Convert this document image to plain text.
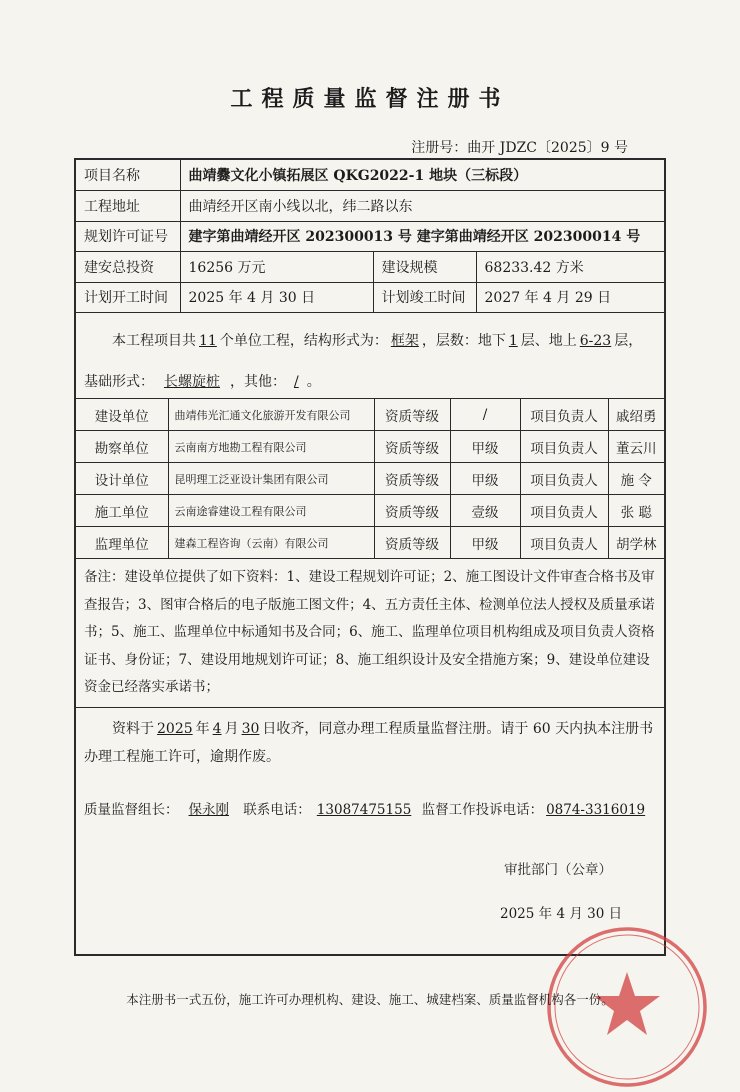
工程质量监督注册书
注册号：曲开 JDZC〔2025〕9 号
项目名称	曲靖爨文化小镇拓展区 QKG2022-1 地块（三标段）		
工程地址	曲靖经开区南小线以北，纬二路以东		
规划许可证号	建字第曲靖经开区 202300013 号 建字第曲靖经开区 202300014 号		
建安总投资	16256 万元	建设规模	68233.42 方米
计划开工时间	2025 年 4 月 30 日	计划竣工时间	2027 年 4 月 29 日
本工程项目共 11 个单位工程，结构形式为： 框架 ，层数：地下 1 层、地上 6-23 层，
基础形式： 长螺旋桩 ，其他： / 。
建设单位	曲靖伟光汇通文化旅游开发有限公司	资质等级	/	项目负责人	戚绍勇
勘察单位	云南南方地勘工程有限公司	资质等级	甲级	项目负责人	董云川
设计单位	昆明理工泛亚设计集团有限公司	资质等级	甲级	项目负责人	施 令
施工单位	云南途睿建设工程有限公司	资质等级	壹级	项目负责人	张 聪
监理单位	建森工程咨询（云南）有限公司	资质等级	甲级	项目负责人	胡学林
备注：建设单位提供了如下资料：1、建设工程规划许可证；2、施工图设计文件审查合格书及审查报告；3、图审合格后的电子版施工图文件；4、五方责任主体、检测单位法人授权及质量承诺书；5、施工、监理单位中标通知书及合同；6、施工、监理单位项目机构组成及项目负责人资格证书、身份证；7、建设用地规划许可证；8、施工组织设计及安全措施方案；9、建设单位建设资金已经落实承诺书；
资料于 2025 年 4 月 30 日收齐，同意办理工程质量监督注册。请于 60 天内执本注册书办理工程施工许可，逾期作废。
质量监督组长： 保永刚 联系电话： 13087475155 监督工作投诉电话： 0874-3316019
审批部门（公章）
2025 年 4 月 30 日
本注册书一式五份，施工许可办理机构、建设、施工、城建档案、质量监督机构各一份。
